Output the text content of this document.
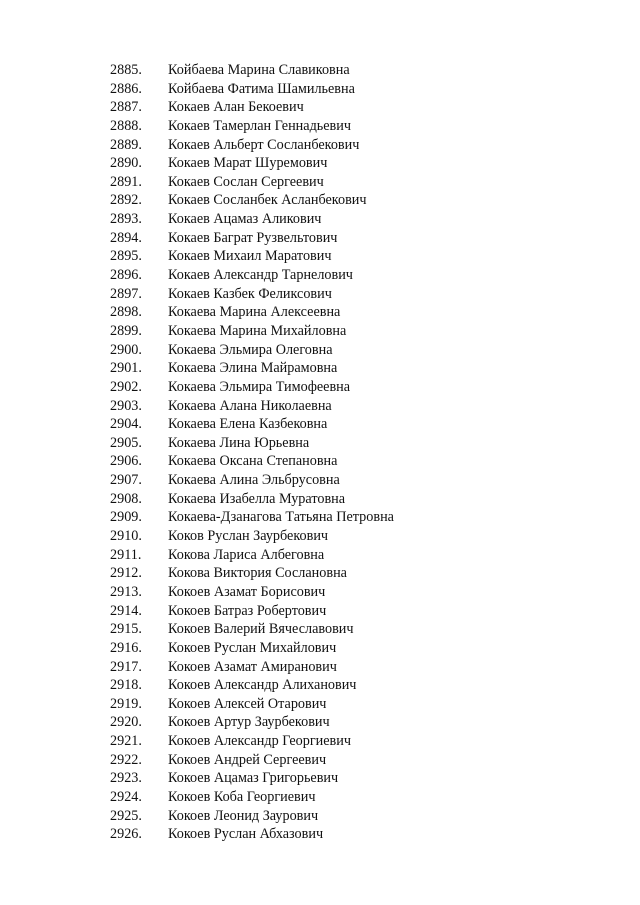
2885.	Койбаева Марина Славиковна
2886.	Койбаева Фатима Шамильевна
2887.	Кокаев Алан Бекоевич
2888.	Кокаев Тамерлан Геннадьевич
2889.	Кокаев Альберт Сосланбекович
2890.	Кокаев Марат Шуремович
2891.	Кокаев Сослан Сергеевич
2892.	Кокаев Сосланбек Асланбекович
2893.	Кокаев Ацамаз Аликович
2894.	Кокаев Баграт Рузвельтович
2895.	Кокаев Михаил Маратович
2896.	Кокаев Александр Тарнелович
2897.	Кокаев Казбек Феликсович
2898.	Кокаева Марина Алексеевна
2899.	Кокаева Марина Михайловна
2900.	Кокаева Эльмира Олеговна
2901.	Кокаева Элина Майрамовна
2902.	Кокаева Эльмира Тимофеевна
2903.	Кокаева Алана Николаевна
2904.	Кокаева Елена Казбековна
2905.	Кокаева Лина Юрьевна
2906.	Кокаева Оксана Степановна
2907.	Кокаева Алина Эльбрусовна
2908.	Кокаева Изабелла Муратовна
2909.	Кокаева-Дзанагова Татьяна Петровна
2910.	Коков Руслан Заурбекович
2911.	Кокова Лариса Албеговна
2912.	Кокова Виктория Сослановна
2913.	Кокоев Азамат Борисович
2914.	Кокоев Батраз Робертович
2915.	Кокоев Валерий Вячеславович
2916.	Кокоев Руслан Михайлович
2917.	Кокоев Азамат Амиранович
2918.	Кокоев Александр Алиханович
2919.	Кокоев Алексей Отарович
2920.	Кокоев Артур Заурбекович
2921.	Кокоев Александр Георгиевич
2922.	Кокоев Андрей Сергеевич
2923.	Кокоев Ацамаз Григорьевич
2924.	Кокоев Коба Георгиевич
2925.	Кокоев Леонид Заурович
2926.	Кокоев Руслан Абхазович
